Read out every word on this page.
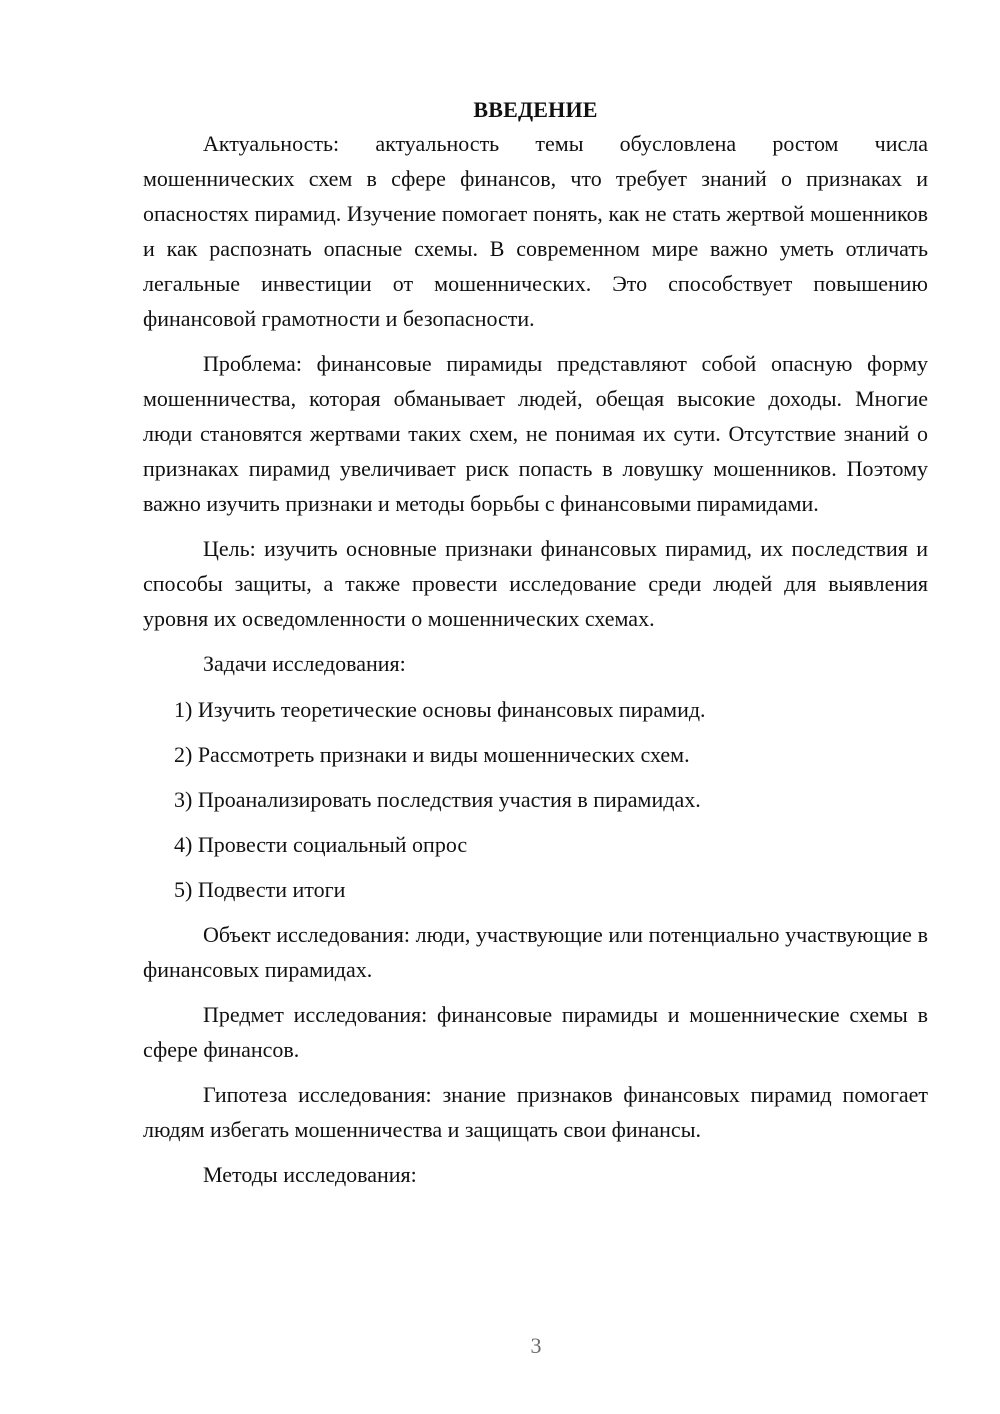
ВВЕДЕНИЕ

Актуальность: актуальность темы обусловлена ростом числа мошеннических схем в сфере финансов, что требует знаний о признаках и опасностях пирамид. Изучение помогает понять, как не стать жертвой мошенников и как распознать опасные схемы. В современном мире важно уметь отличать легальные инвестиции от мошеннических. Это способствует повышению финансовой грамотности и безопасности.

Проблема: финансовые пирамиды представляют собой опасную форму мошенничества, которая обманывает людей, обещая высокие доходы. Многие люди становятся жертвами таких схем, не понимая их сути. Отсутствие знаний о признаках пирамид увеличивает риск попасть в ловушку мошенников. Поэтому важно изучить признаки и методы борьбы с финансовыми пирамидами.

Цель: изучить основные признаки финансовых пирамид, их последствия и способы защиты, а также провести исследование среди людей для выявления уровня их осведомленности о мошеннических схемах.

Задачи исследования:

1) Изучить теоретические основы финансовых пирамид.
2) Рассмотреть признаки и виды мошеннических схем.
3) Проанализировать последствия участия в пирамидах.
4) Провести социальный опрос
5) Подвести итоги

Объект исследования: люди, участвующие или потенциально участвующие в финансовых пирамидах.

Предмет исследования: финансовые пирамиды и мошеннические схемы в сфере финансов.

Гипотеза исследования: знание признаков финансовых пирамид помогает людям избегать мошенничества и защищать свои финансы.

Методы исследования:

3
